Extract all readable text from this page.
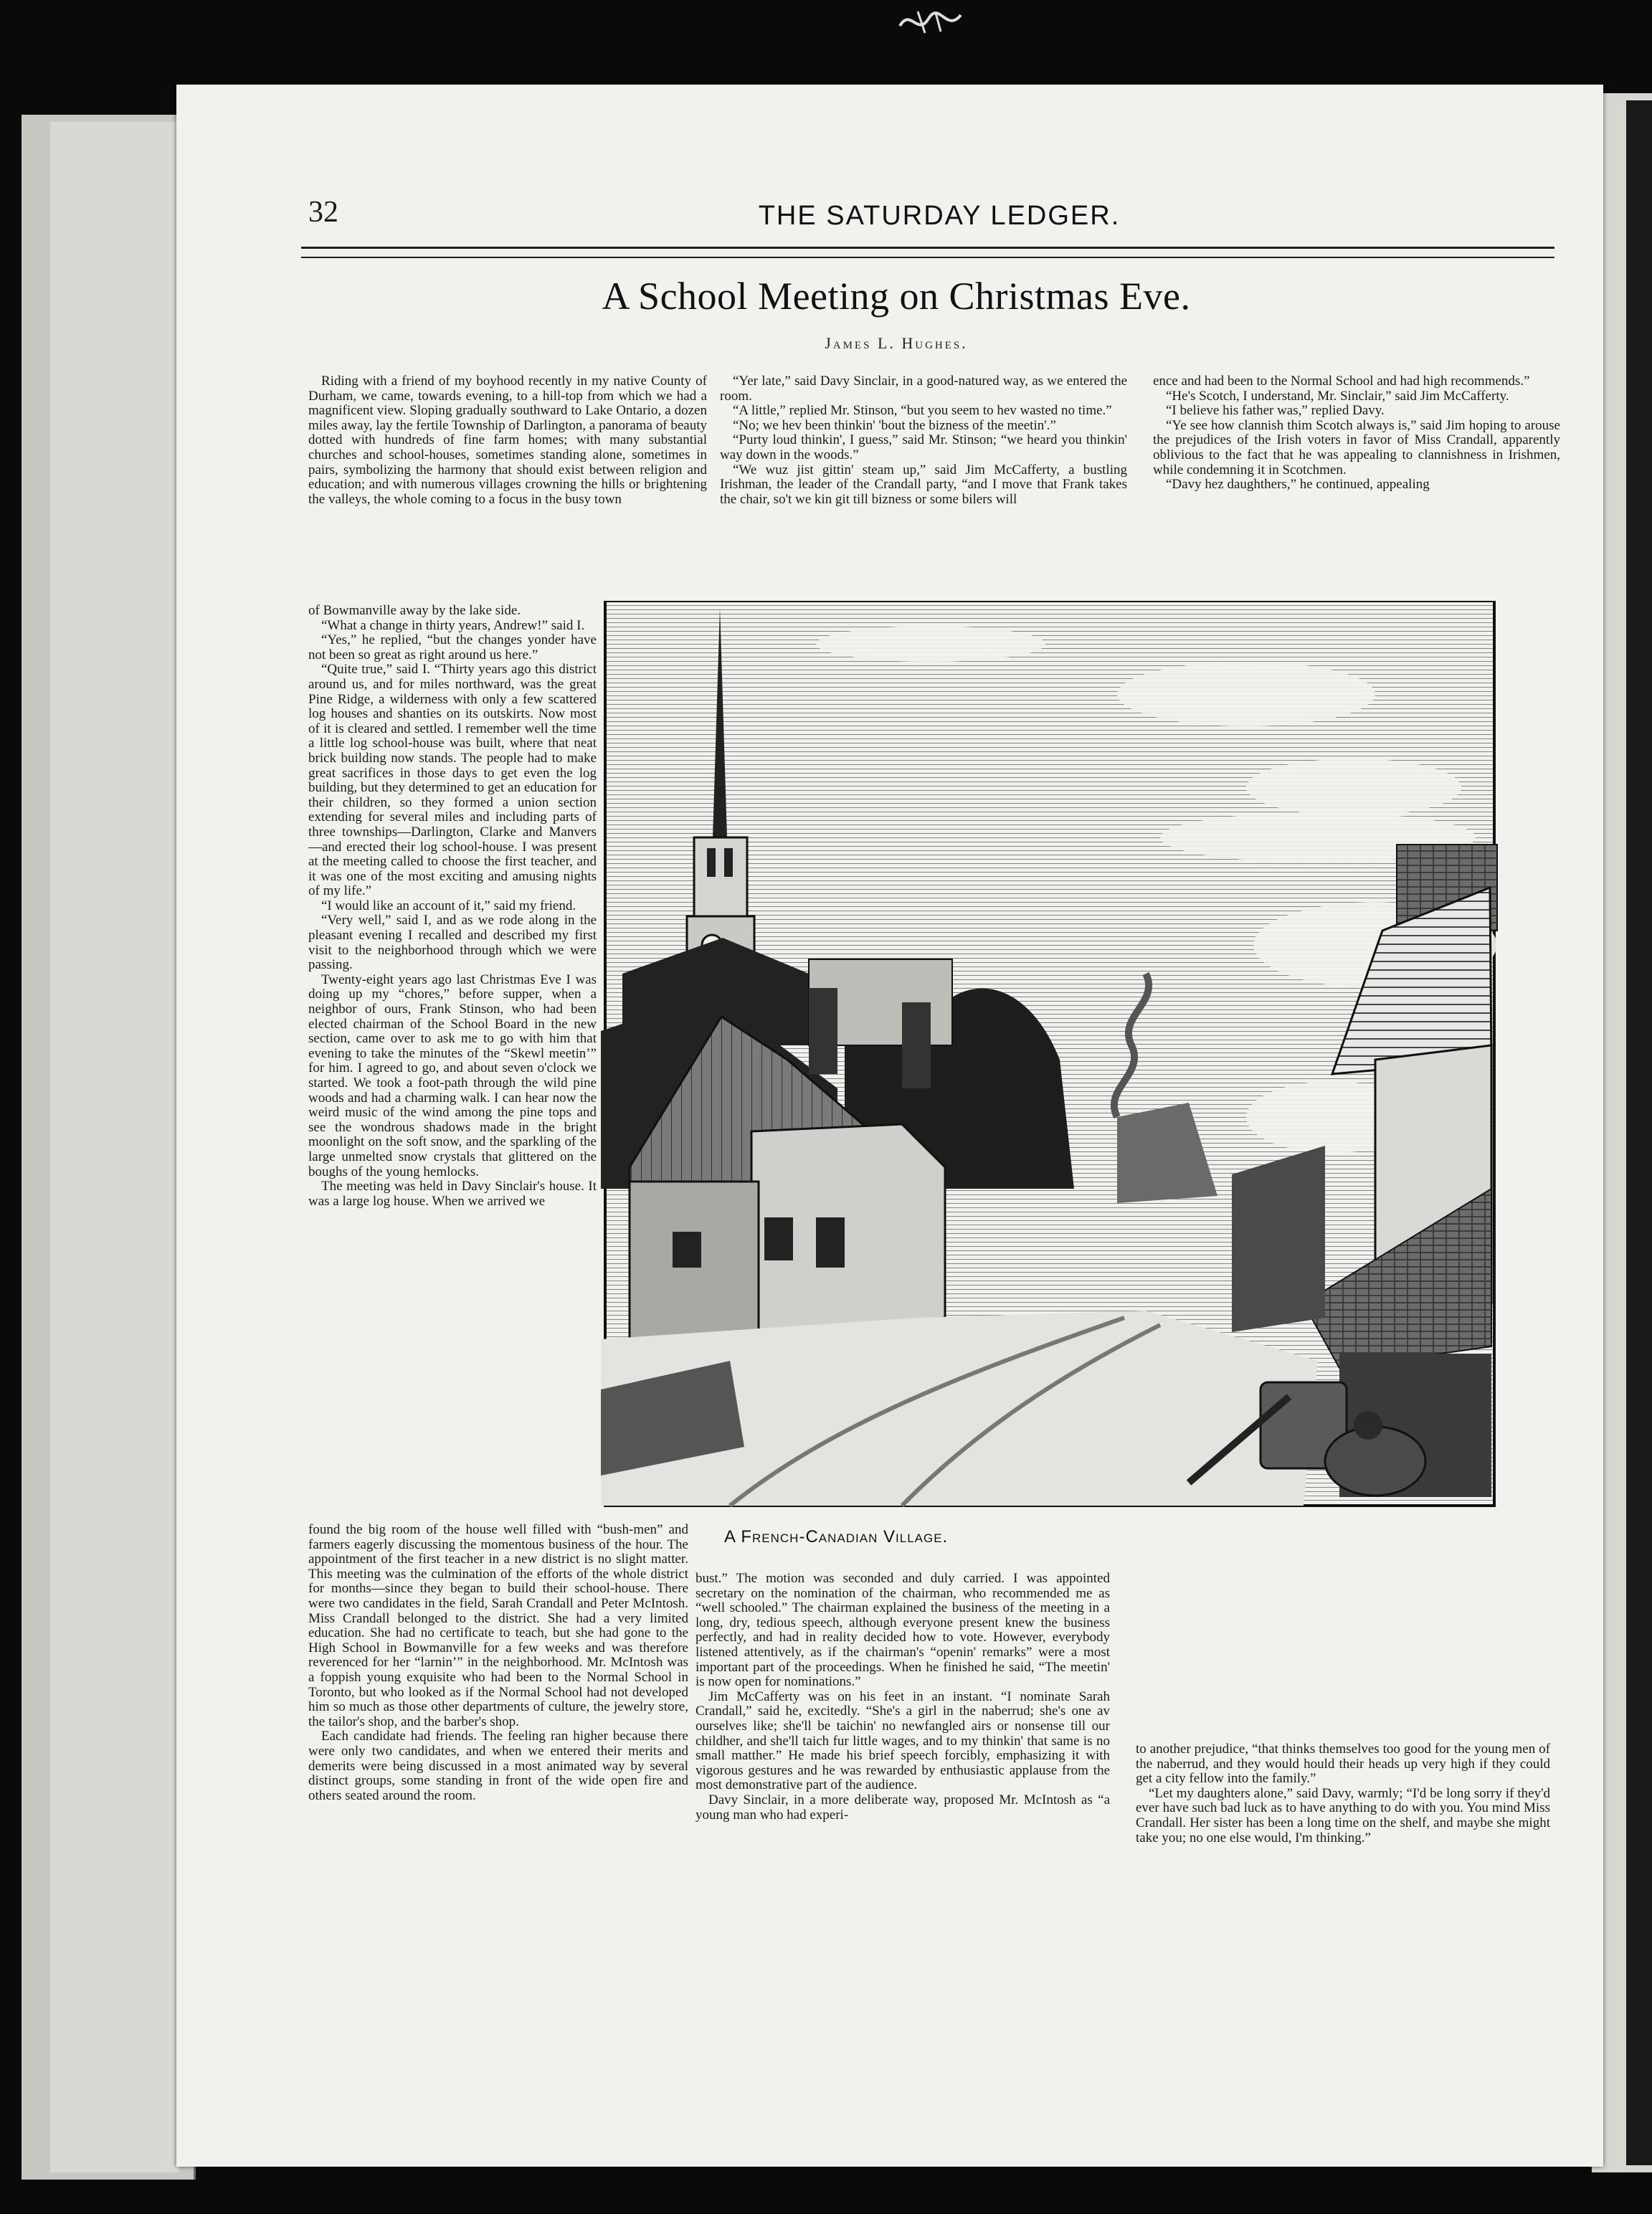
32	THE SATURDAY LEDGER.
A School Meeting on Christmas Eve.
James L. Hughes.

Riding with a friend of my boyhood recently in my native County of Durham, we came, towards evening, to a hill-top from which we had a magnificent view. Sloping gradually southward to Lake Ontario, a dozen miles away, lay the fertile Township of Darlington, a panorama of beauty dotted with hundreds of fine farm homes; with many substantial churches and school-houses, sometimes standing alone, sometimes in pairs, symbolizing the harmony that should exist between religion and education; and with numerous villages crowning the hills or brightening the valleys, the whole coming to a focus in the busy town

of Bowmanville away by the lake side.

“What a change in thirty years, Andrew!” said I.

“Yes,” he replied, “but the changes yonder have not been so great as right around us here.”

“Quite true,” said I. “Thirty years ago this district around us, and for miles northward, was the great Pine Ridge, a wilderness with only a few scattered log houses and shanties on its outskirts. Now most of it is cleared and settled. I remember well the time a little log school-house was built, where that neat brick building now stands. The people had to make great sacrifices in those days to get even the log building, but they determined to get an education for their children, so they formed a union section extending for several miles and including parts of three townships—Darlington, Clarke and Manvers—and erected their log school-house. I was present at the meeting called to choose the first teacher, and it was one of the most exciting and amusing nights of my life.”

“I would like an account of it,” said my friend.

“Very well,” said I, and as we rode along in the pleasant evening I recalled and described my first visit to the neighborhood through which we were passing.

Twenty-eight years ago last Christmas Eve I was doing up my “chores,” before supper, when a neighbor of ours, Frank Stinson, who had been elected chairman of the School Board in the new section, came over to ask me to go with him that evening to take the minutes of the “Skewl meetin’” for him. I agreed to go, and about seven o'clock we started. We took a foot-path through the wild pine woods and had a charming walk. I can hear now the weird music of the wind among the pine tops and see the wondrous shadows made in the bright moonlight on the soft snow, and the sparkling of the large unmelted snow crystals that glittered on the boughs of the young hemlocks.

The meeting was held in Davy Sinclair's house. It was a large log house. When we arrived we

found the big room of the house well filled with “bush-men” and farmers eagerly discussing the momentous business of the hour. The appointment of the first teacher in a new district is no slight matter. This meeting was the culmination of the efforts of the whole district for months—since they began to build their school-house. There were two candidates in the field, Sarah Crandall and Peter McIntosh. Miss Crandall belonged to the district. She had a very limited education. She had no certificate to teach, but she had gone to the High School in Bowmanville for a few weeks and was therefore reverenced for her “larnin’” in the neighborhood. Mr. McIntosh was a foppish young exquisite who had been to the Normal School in Toronto, but who looked as if the Normal School had not developed him so much as those other departments of culture, the jewelry store, the tailor's shop, and the barber's shop.

Each candidate had friends. The feeling ran higher because there were only two candidates, and when we entered their merits and demerits were being discussed in a most animated way by several distinct groups, some standing in front of the wide open fire and others seated around the room.

“Yer late,” said Davy Sinclair, in a good-natured way, as we entered the room.

“A little,” replied Mr. Stinson, “but you seem to hev wasted no time.”

“No; we hev been thinkin' 'bout the bizness of the meetin'.”

“Purty loud thinkin', I guess,” said Mr. Stinson; “we heard you thinkin' way down in the woods.”

“We wuz jist gittin' steam up,” said Jim McCafferty, a bustling Irishman, the leader of the Crandall party, “and I move that Frank takes the chair, so't we kin git till bizness or some bilers will

ence and had been to the Normal School and had high recommends.”

“He's Scotch, I understand, Mr. Sinclair,” said Jim McCafferty.

“I believe his father was,” replied Davy.

“Ye see how clannish thim Scotch always is,” said Jim hoping to arouse the prejudices of the Irish voters in favor of Miss Crandall, apparently oblivious to the fact that he was appealing to clannishness in Irishmen, while condemning it in Scotchmen.

“Davy hez daughthers,” he continued, appealing

A French-Canadian Village.

bust.” The motion was seconded and duly carried. I was appointed secretary on the nomination of the chairman, who recommended me as “well schooled.” The chairman explained the business of the meeting in a long, dry, tedious speech, although everyone present knew the business perfectly, and had in reality decided how to vote. However, everybody listened attentively, as if the chairman's “openin' remarks” were a most important part of the proceedings. When he finished he said, “The meetin' is now open for nominations.”

Jim McCafferty was on his feet in an instant. “I nominate Sarah Crandall,” said he, excitedly. “She's a girl in the naberrud; she's one av ourselves like; she'll be taichin' no newfangled airs or nonsense till our childher, and she'll taich fur little wages, and to my thinkin' that same is no small matther.” He made his brief speech forcibly, emphasizing it with vigorous gestures and he was rewarded by enthusiastic applause from the most demonstrative part of the audience.

Davy Sinclair, in a more deliberate way, proposed Mr. McIntosh as “a young man who had experi-

to another prejudice, “that thinks themselves too good for the young men of the naberrud, and they would hould their heads up very high if they could get a city fellow into the family.”

“Let my daughters alone,” said Davy, warmly; “I'd be long sorry if they'd ever have such bad luck as to have anything to do with you. You mind Miss Crandall. Her sister has been a long time on the shelf, and maybe she might take you; no one else would, I'm thinking.”
